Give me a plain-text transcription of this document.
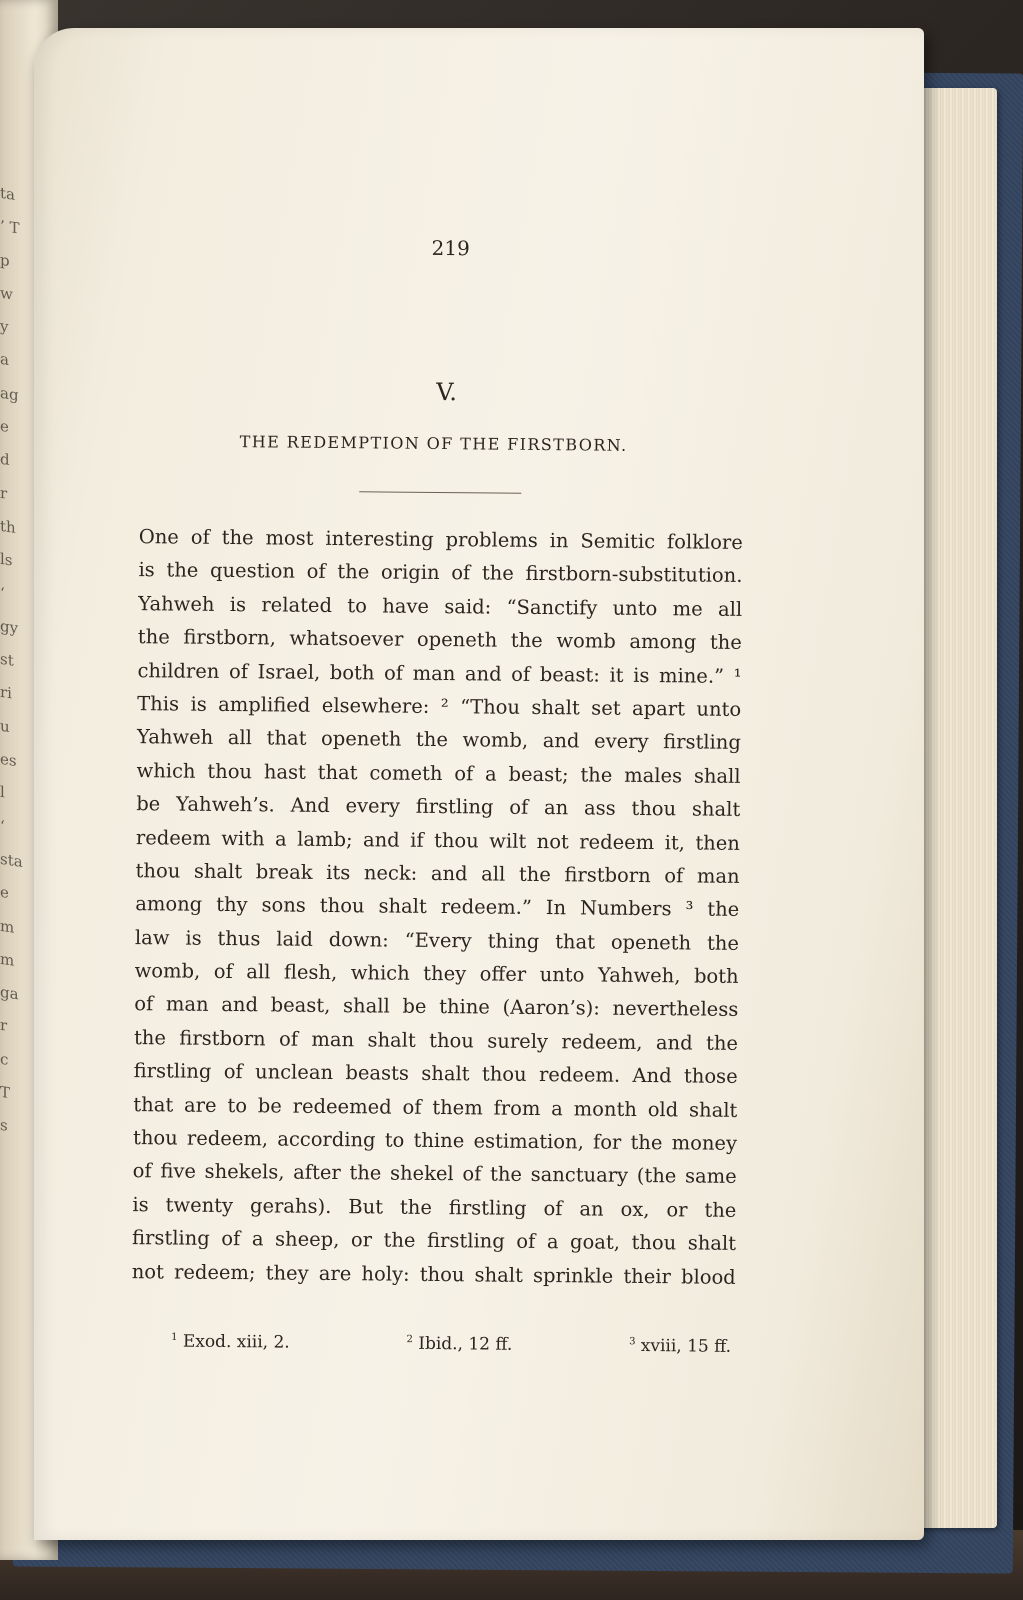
ta
’ T
p
w
y
a
ag
e
d
r
th
ls
‘
gy
st
ri
u
es
l
‘
sta
e
m
m
ga
r
c
T
s
219
V.
THE REDEMPTION OF THE FIRSTBORN.
One of the most interesting problems in Semitic folklore
is the question of the origin of the firstborn-substitution.
Yahweh is related to have said: “Sanctify unto me all
the firstborn, whatsoever openeth the womb among the
children of Israel, both of man and of beast: it is mine.” ¹
This is amplified elsewhere: ² “Thou shalt set apart unto
Yahweh all that openeth the womb, and every firstling
which thou hast that cometh of a beast; the males shall
be Yahweh’s. And every firstling of an ass thou shalt
redeem with a lamb; and if thou wilt not redeem it, then
thou shalt break its neck: and all the firstborn of man
among thy sons thou shalt redeem.” In Numbers ³ the
law is thus laid down: “Every thing that openeth the
womb, of all flesh, which they offer unto Yahweh, both
of man and beast, shall be thine (Aaron’s): nevertheless
the firstborn of man shalt thou surely redeem, and the
firstling of unclean beasts shalt thou redeem. And those
that are to be redeemed of them from a month old shalt
thou redeem, according to thine estimation, for the money
of five shekels, after the shekel of the sanctuary (the same
is twenty gerahs). But the firstling of an ox, or the
firstling of a sheep, or the firstling of a goat, thou shalt
not redeem; they are holy: thou shalt sprinkle their blood
$^1$ Exod. xiii, 2.	$^2$ Ibid., 12 ff.	$^3$ xviii, 15 ff.
